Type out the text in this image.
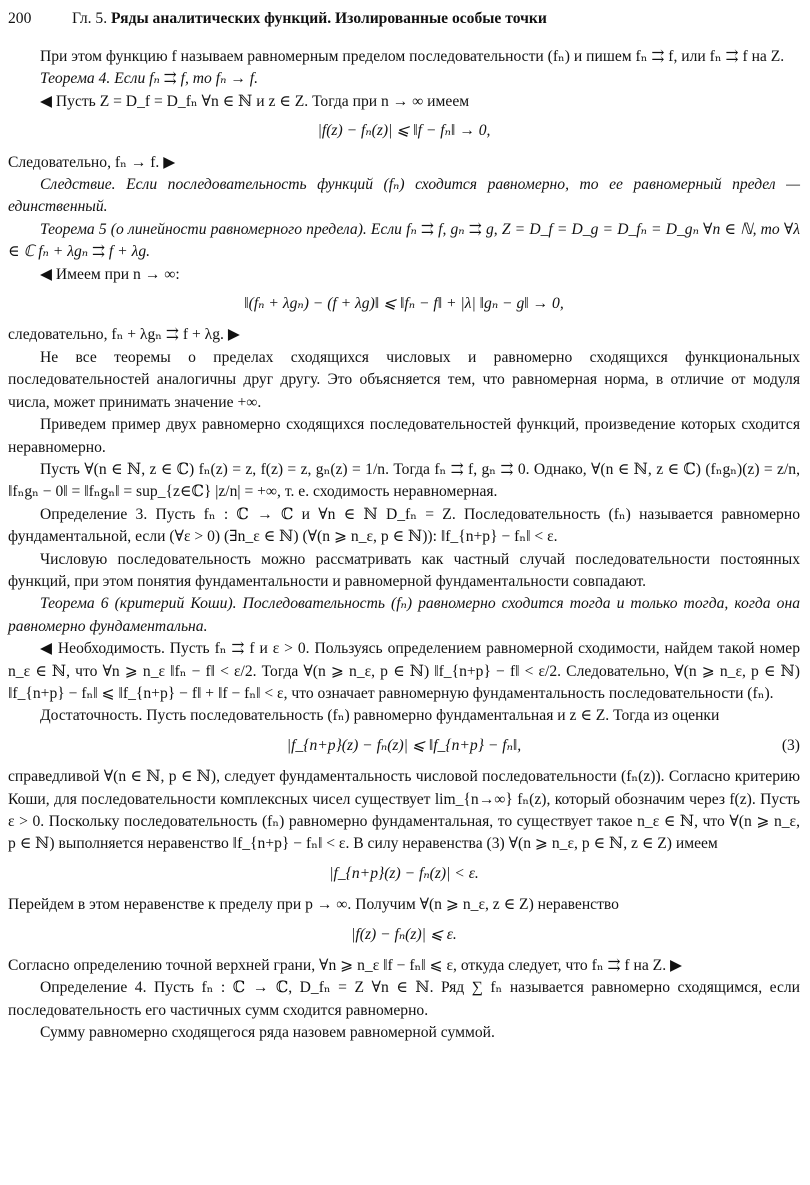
200	Гл. 5. Ряды аналитических функций. Изолированные особые точки

При этом функцию f называем равномерным пределом последовательности (fₙ) и пишем fₙ ⇉ f, или fₙ ⇉ f на Z.

Теорема 4. Если fₙ ⇉ f, то fₙ → f.

◀ Пусть Z = D_f = D_fₙ ∀n ∈ ℕ и z ∈ Z. Тогда при n → ∞ имеем

|f(z) − fₙ(z)| ⩽ ‖f − fₙ‖ → 0,

Следовательно, fₙ → f. ▶

Следствие. Если последовательность функций (fₙ) сходится равномерно, то ее равномерный предел — единственный.

Теорема 5 (о линейности равномерного предела). Если fₙ ⇉ f, gₙ ⇉ g, Z = D_f = D_g = D_fₙ = D_gₙ ∀n ∈ ℕ, то ∀λ ∈ ℂ fₙ + λgₙ ⇉ f + λg.

◀ Имеем при n → ∞:

‖(fₙ + λgₙ) − (f + λg)‖ ⩽ ‖fₙ − f‖ + |λ| ‖gₙ − g‖ → 0,

следовательно, fₙ + λgₙ ⇉ f + λg. ▶

Не все теоремы о пределах сходящихся числовых и равномерно сходящихся функциональных последовательностей аналогичны друг другу. Это объясняется тем, что равномерная норма, в отличие от модуля числа, может принимать значение +∞.

Приведем пример двух равномерно сходящихся последовательностей функций, произведение которых сходится неравномерно.

Пусть ∀(n ∈ ℕ, z ∈ ℂ) fₙ(z) = z, f(z) = z, gₙ(z) = 1/n. Тогда fₙ ⇉ f, gₙ ⇉ 0. Однако, ∀(n ∈ ℕ, z ∈ ℂ) (fₙgₙ)(z) = z/n, ‖fₙgₙ − 0‖ = ‖fₙgₙ‖ = sup_{z∈ℂ} |z/n| = +∞, т. е. сходимость неравномерная.

Определение 3. Пусть fₙ : ℂ → ℂ и ∀n ∈ ℕ D_fₙ = Z. Последовательность (fₙ) называется равномерно фундаментальной, если (∀ε > 0) (∃n_ε ∈ ℕ) (∀(n ⩾ n_ε, p ∈ ℕ)): ‖f_{n+p} − fₙ‖ < ε.

Числовую последовательность можно рассматривать как частный случай последовательности постоянных функций, при этом понятия фундаментальности и равномерной фундаментальности совпадают.

Теорема 6 (критерий Коши). Последовательность (fₙ) равномерно сходится тогда и только тогда, когда она равномерно фундаментальна.

◀ Необходимость. Пусть fₙ ⇉ f и ε > 0. Пользуясь определением равномерной сходимости, найдем такой номер n_ε ∈ ℕ, что ∀n ⩾ n_ε ‖fₙ − f‖ < ε/2. Тогда ∀(n ⩾ n_ε, p ∈ ℕ) ‖f_{n+p} − f‖ < ε/2. Следовательно, ∀(n ⩾ n_ε, p ∈ ℕ) ‖f_{n+p} − fₙ‖ ⩽ ‖f_{n+p} − f‖ + ‖f − fₙ‖ < ε, что означает равномерную фундаментальность последовательности (fₙ).

Достаточность. Пусть последовательность (fₙ) равномерно фундаментальная и z ∈ Z. Тогда из оценки

|f_{n+p}(z) − fₙ(z)| ⩽ ‖f_{n+p} − fₙ‖,	(3)

справедливой ∀(n ∈ ℕ, p ∈ ℕ), следует фундаментальность числовой последовательности (fₙ(z)). Согласно критерию Коши, для последовательности комплексных чисел существует lim_{n→∞} fₙ(z), который обозначим через f(z). Пусть ε > 0. Поскольку последовательность (fₙ) равномерно фундаментальная, то существует такое n_ε ∈ ℕ, что ∀(n ⩾ n_ε, p ∈ ℕ) выполняется неравенство ‖f_{n+p} − fₙ‖ < ε. В силу неравенства (3) ∀(n ⩾ n_ε, p ∈ ℕ, z ∈ Z) имеем

|f_{n+p}(z) − fₙ(z)| < ε.

Перейдем в этом неравенстве к пределу при p → ∞. Получим ∀(n ⩾ n_ε, z ∈ Z) неравенство

|f(z) − fₙ(z)| ⩽ ε.

Согласно определению точной верхней грани, ∀n ⩾ n_ε ‖f − fₙ‖ ⩽ ε, откуда следует, что fₙ ⇉ f на Z. ▶

Определение 4. Пусть fₙ : ℂ → ℂ, D_fₙ = Z ∀n ∈ ℕ. Ряд ∑ fₙ называется равномерно сходящимся, если последовательность его частичных сумм сходится равномерно.

Сумму равномерно сходящегося ряда назовем равномерной суммой.
